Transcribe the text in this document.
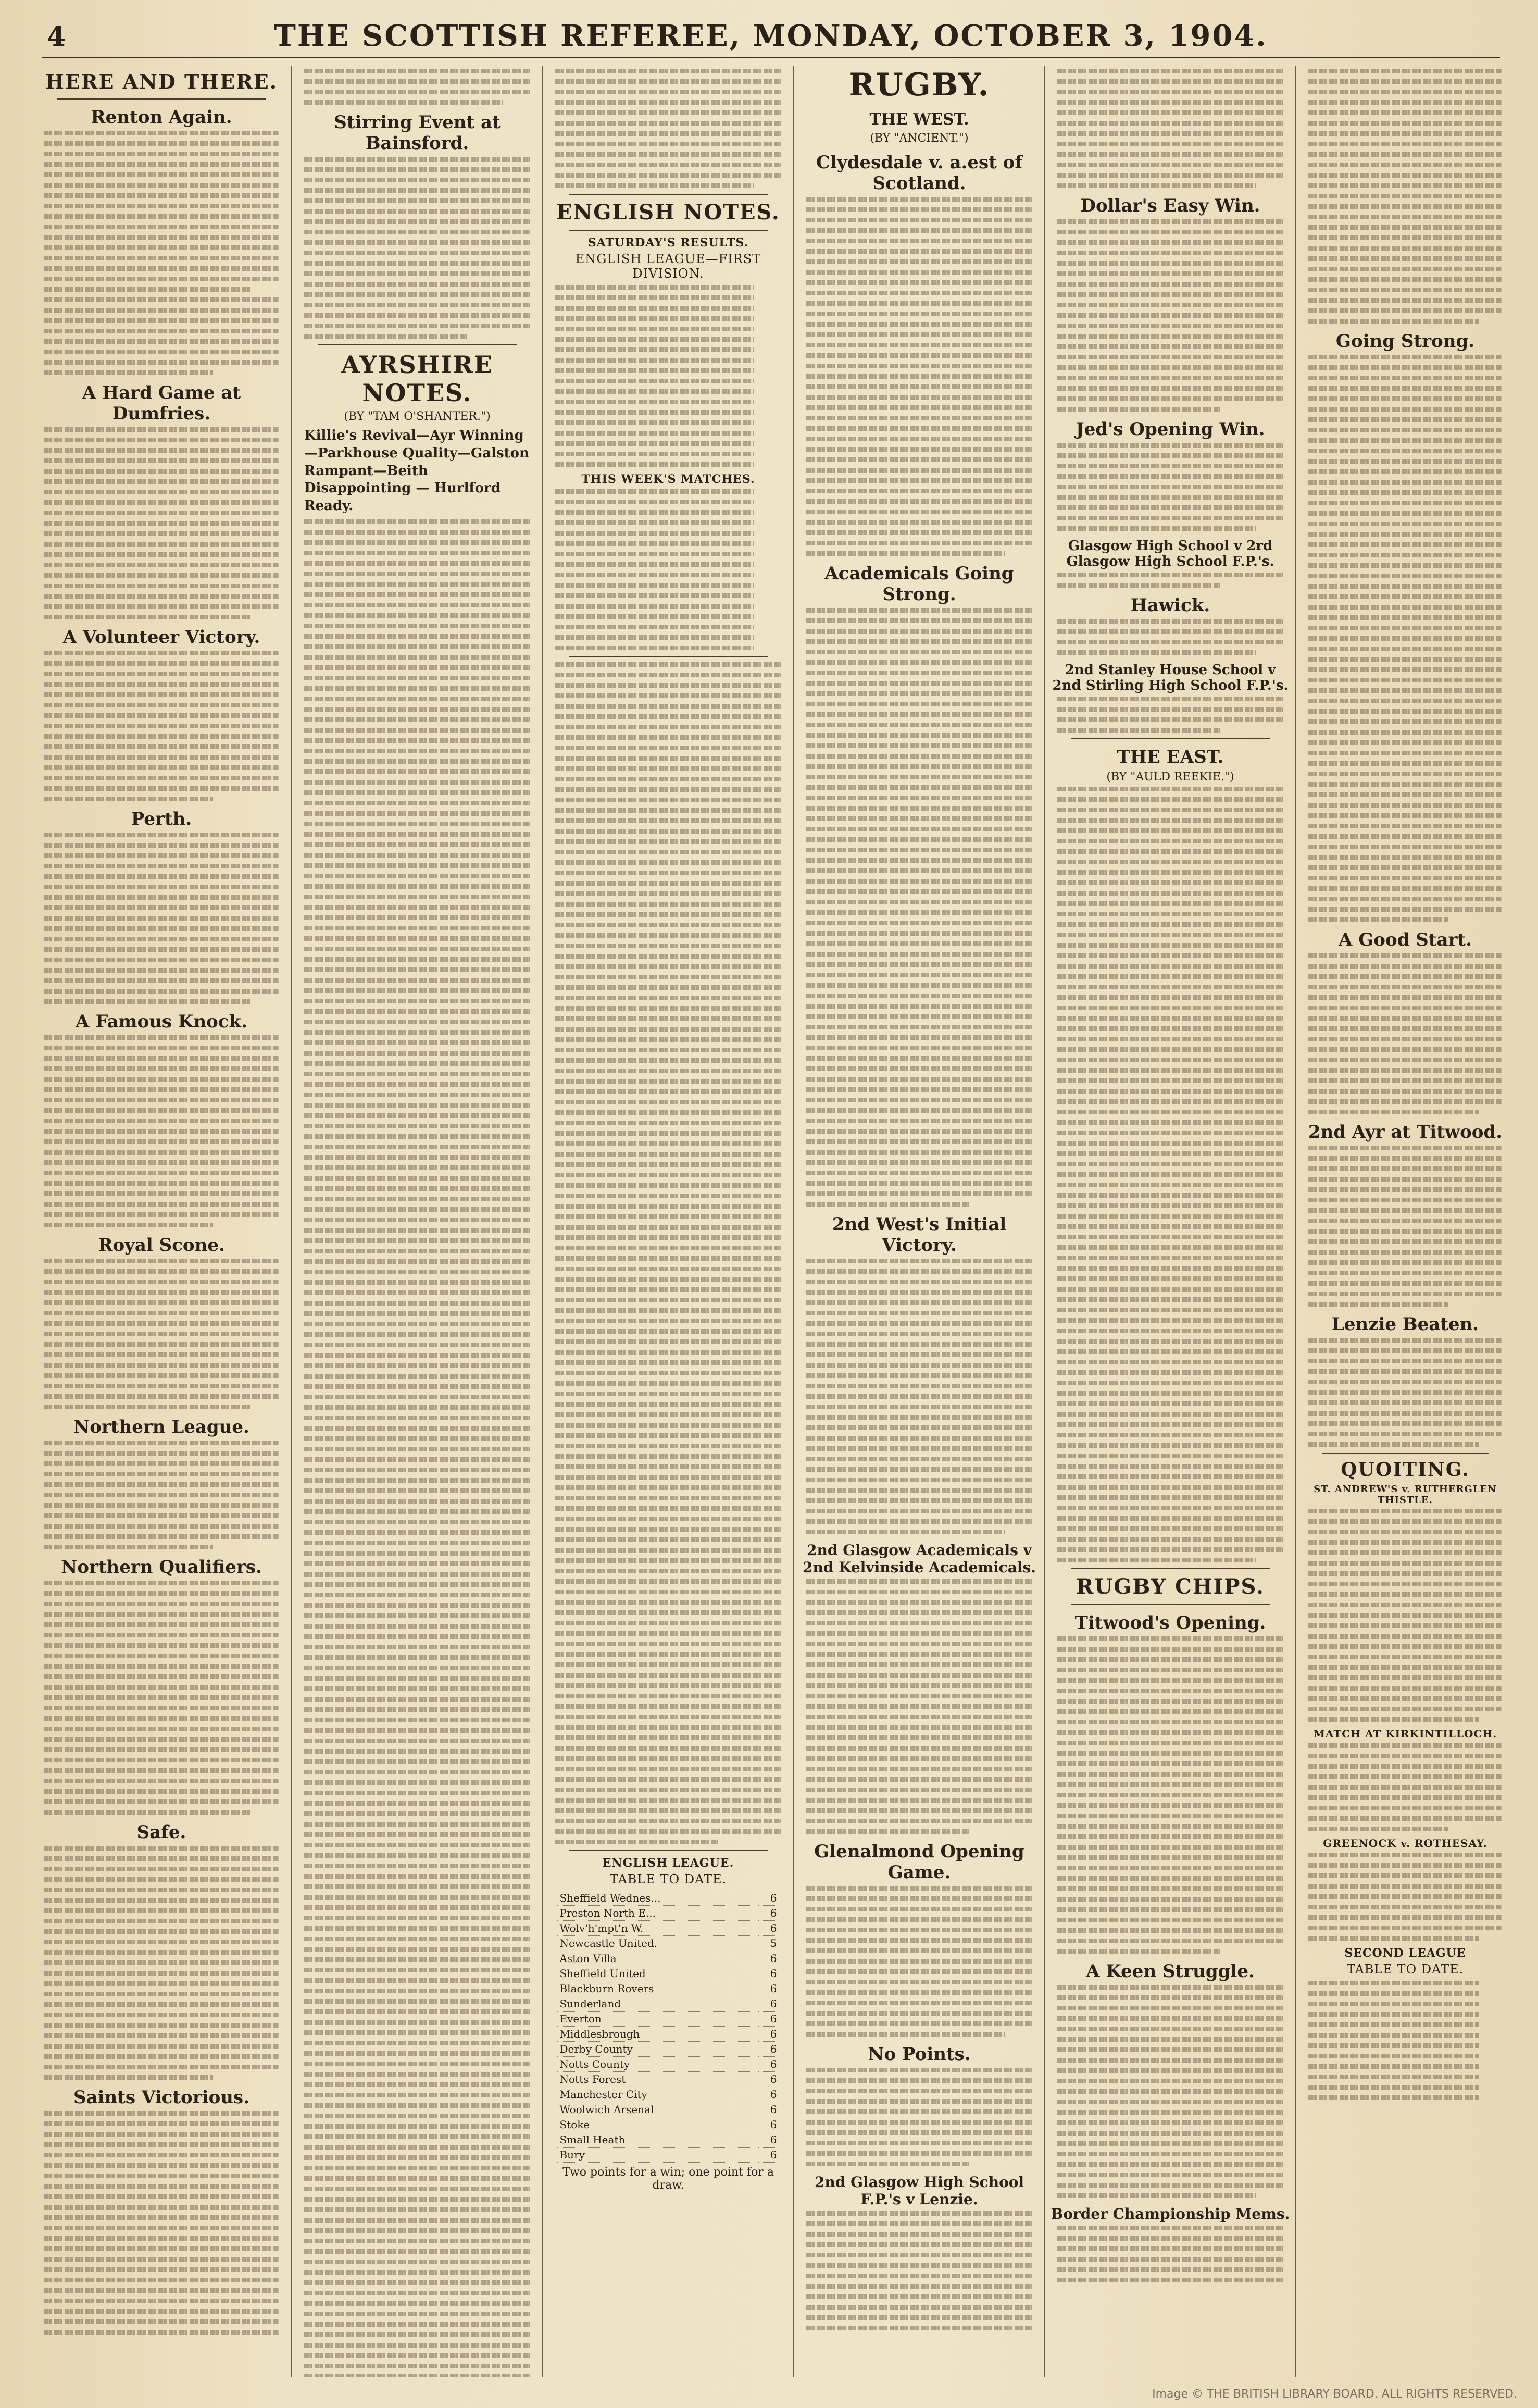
4	THE SCOTTISH REFEREE, MONDAY, OCTOBER 3, 1904.
HERE AND THERE.
Renton Again.
A Hard Game at Dumfries.
A Volunteer Victory.
Perth.
A Famous Knock.
Royal Scone.
Northern League.
Northern Qualifiers.
Safe.
Saints Victorious.
Stirring Event at Bainsford.
AYRSHIRE NOTES.
(BY "TAM O'SHANTER.")
Killie's Revival—Ayr Winning—Parkhouse Quality—Galston Rampant—Beith Disappointing — Hurlford Ready.
ENGLISH NOTES.
SATURDAY'S RESULTS.
ENGLISH LEAGUE—FIRST DIVISION.
THIS WEEK'S MATCHES.
ENGLISH LEAGUE.
TABLE TO DATE.
Sheffield Wednes...	6
Preston North E...	6
Wolv'h'mpt'n W.	6
Newcastle United.	5
Aston Villa	6
Sheffield United	6
Blackburn Rovers	6
Sunderland	6
Everton	6
Middlesbrough	6
Derby County	6
Notts County	6
Notts Forest	6
Manchester City	6
Woolwich Arsenal	6
Stoke	6
Small Heath	6
Bury	6
Two points for a win; one point for a draw.
RUGBY.
THE WEST.
(BY "ANCIENT.")
Clydesdale v. a.est of Scotland.
Academicals Going Strong.
2nd West's Initial Victory.
2nd Glasgow Academicals v 2nd Kelvinside Academicals.
Glenalmond Opening Game.
No Points.
2nd Glasgow High School F.P.'s v Lenzie.
Dollar's Easy Win.
Jed's Opening Win.
Glasgow High School v 2rd Glasgow High School F.P.'s.
Hawick.
2nd Stanley House School v 2nd Stirling High School F.P.'s.
THE EAST.
(BY "AULD REEKIE.")
RUGBY CHIPS.
Titwood's Opening.
A Keen Struggle.
Border Championship Mems.
Going Strong.
A Good Start.
2nd Ayr at Titwood.
Lenzie Beaten.
QUOITING.
ST. ANDREW'S v. RUTHERGLEN THISTLE.
MATCH AT KIRKINTILLOCH.
GREENOCK v. ROTHESAY.
SECOND LEAGUE
TABLE TO DATE.
Image © THE BRITISH LIBRARY BOARD. ALL RIGHTS RESERVED.
